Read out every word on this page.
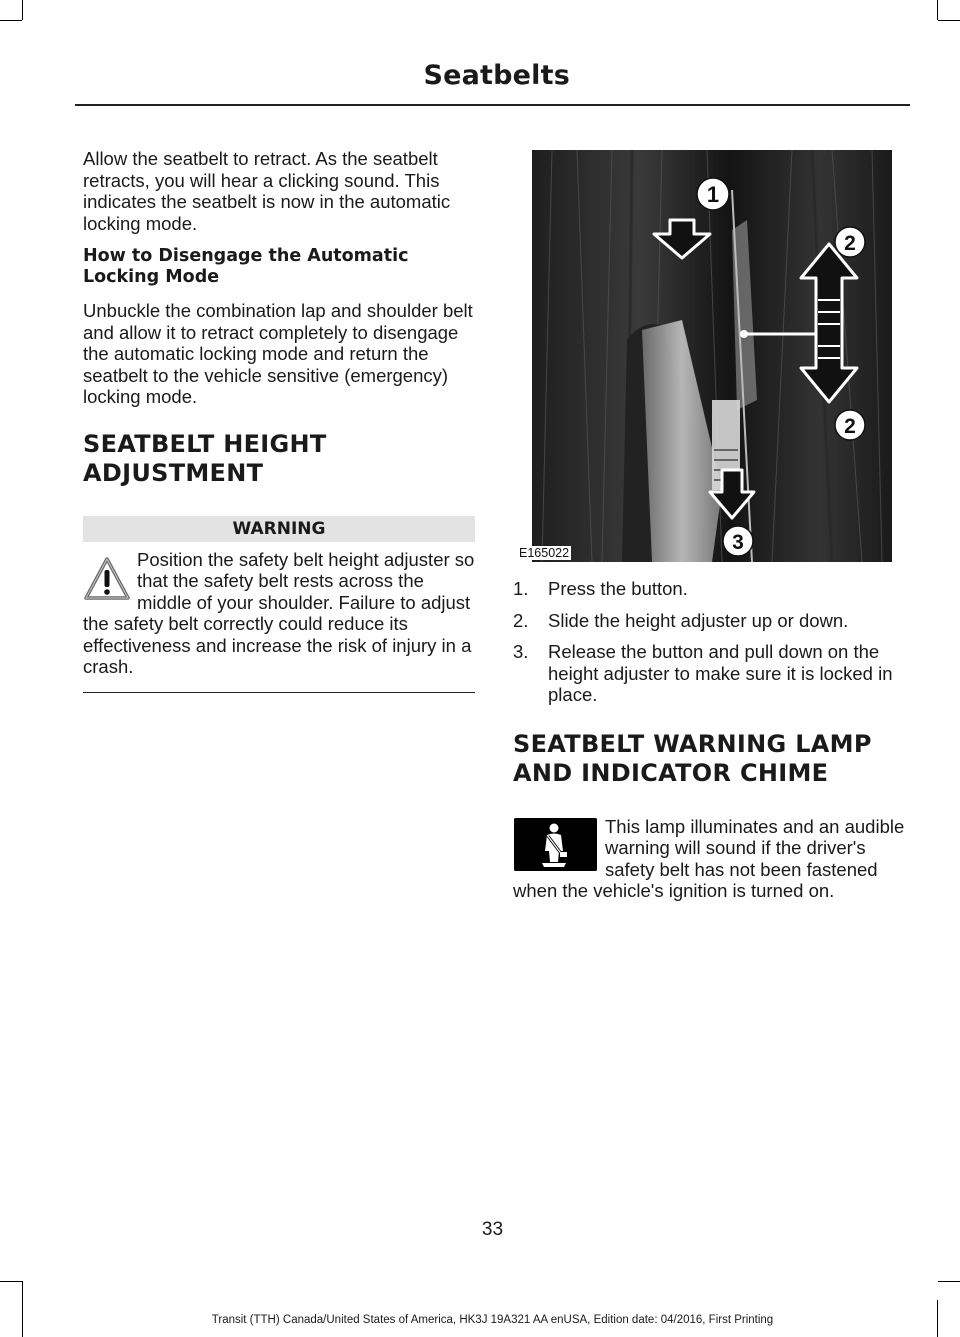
Seatbelts

Allow the seatbelt to retract. As the seatbelt retracts, you will hear a clicking sound. This indicates the seatbelt is now in the automatic locking mode.

How to Disengage the Automatic Locking Mode

Unbuckle the combination lap and shoulder belt and allow it to retract completely to disengage the automatic locking mode and return the seatbelt to the vehicle sensitive (emergency) locking mode.

SEATBELT HEIGHT
ADJUSTMENT
WARNING

Position the safety belt height adjuster so that the safety belt rests across the middle of your shoulder. Failure to adjust the safety belt correctly could reduce its effectiveness and increase the risk of injury in a crash.

1
2
2
3
E165022
1. Press the button.
2. Slide the height adjuster up or down.
3. Release the button and pull down on the height adjuster to make sure it is locked in place.
SEATBELT WARNING LAMP
AND INDICATOR CHIME

This lamp illuminates and an audible warning will sound if the driver's safety belt has not been fastened when the vehicle's ignition is turned on.

33
Transit (TTH) Canada/United States of America, HK3J 19A321 AA enUSA, Edition date: 04/2016, First Printing
